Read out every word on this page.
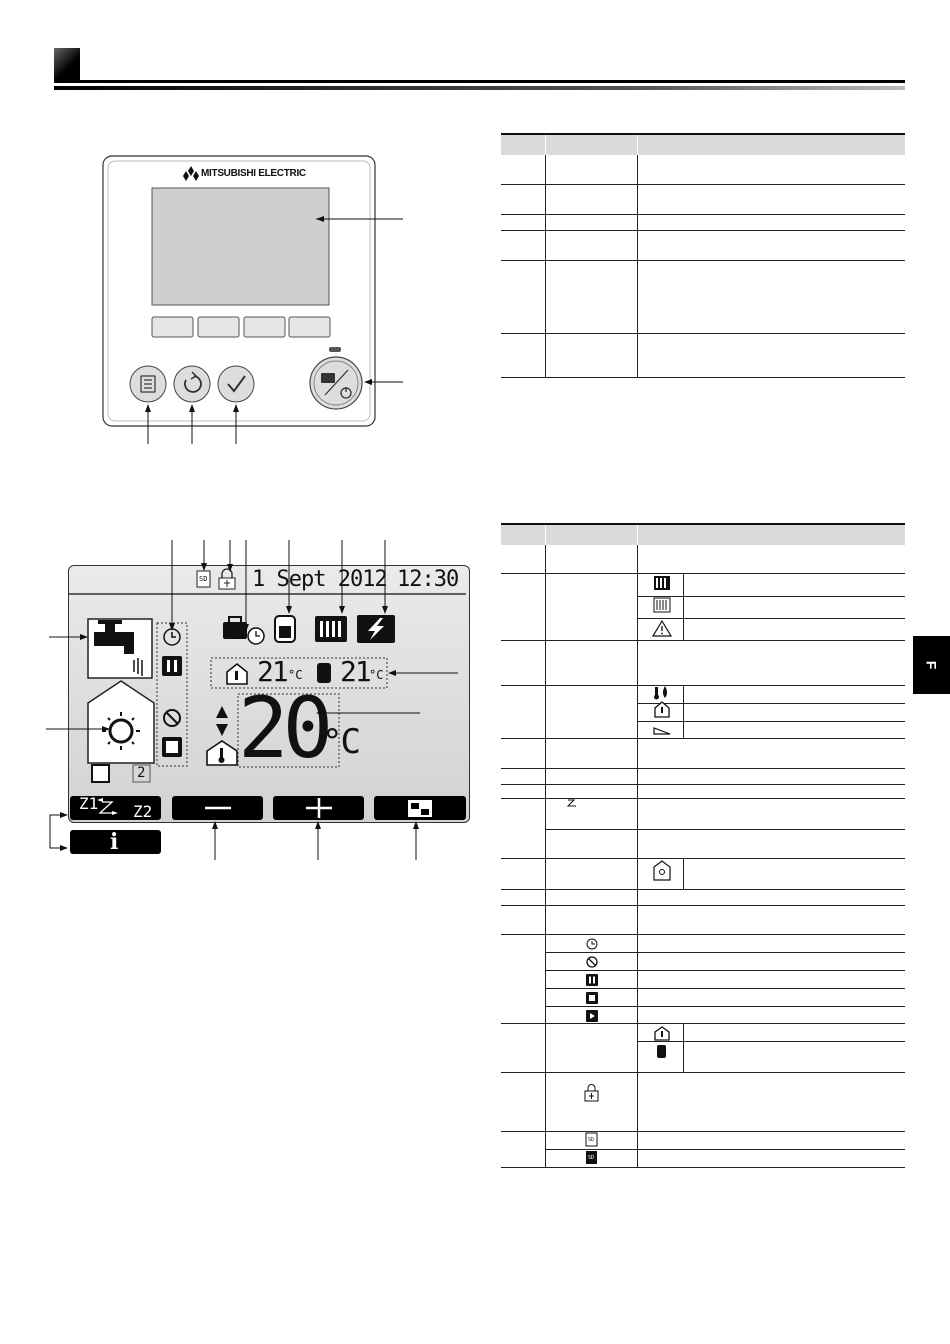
F
MITSUBISHI ELECTRIC
SD 1 Sept 2012 12:30
1 2
21 °C 21 °C
20
°C
Z1 Z2
i
SD
SD
